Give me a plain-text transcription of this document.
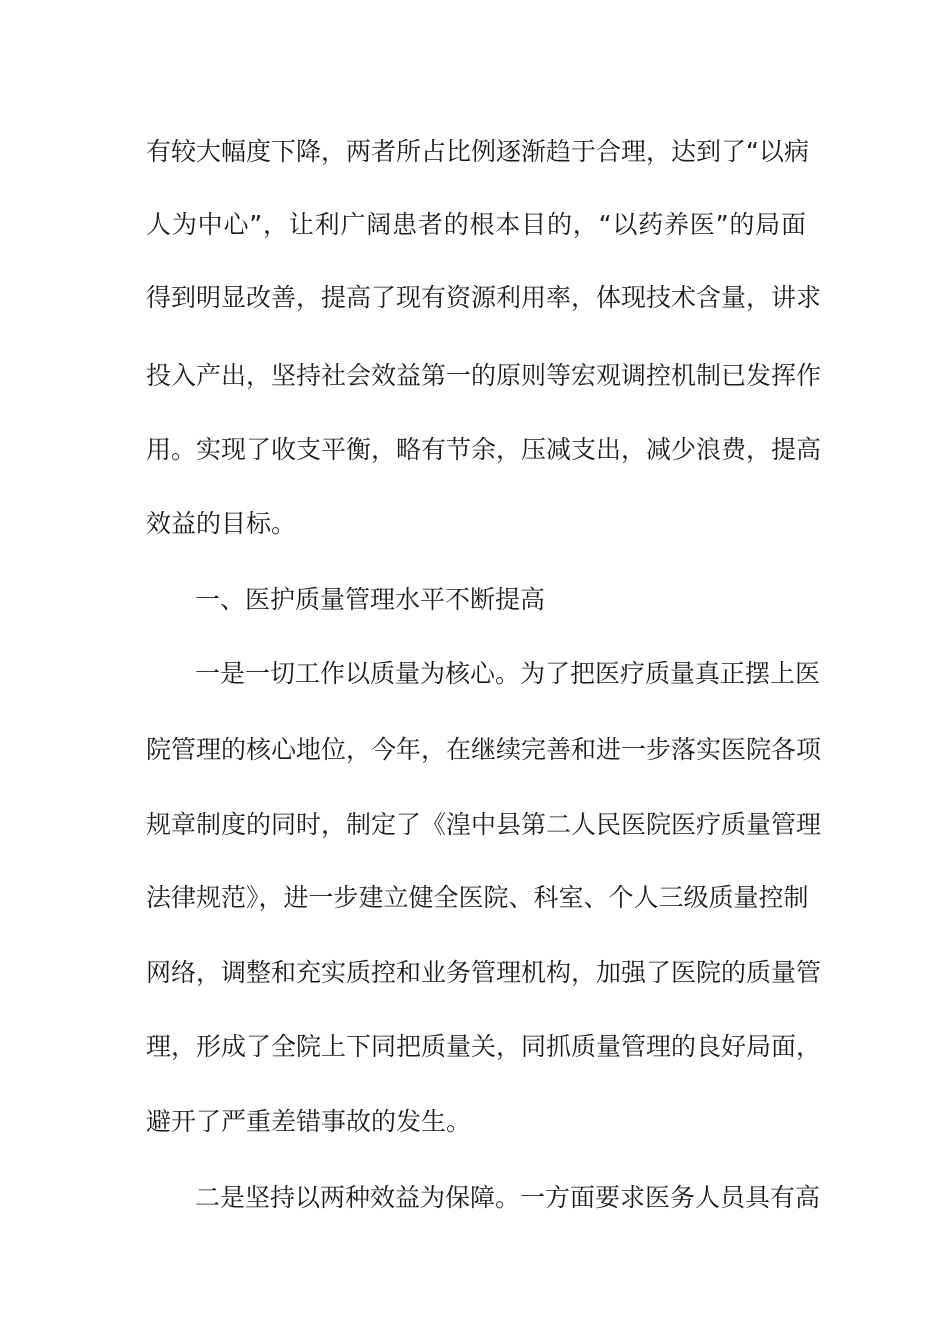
有较大幅度下降，两者所占比例逐渐趋于合理，达到了“以病
人为中心”，让利广阔患者的根本目的，“以药养医”的局面
得到明显改善，提高了现有资源利用率，体现技术含量，讲求
投入产出，坚持社会效益第一的原则等宏观调控机制已发挥作
用。实现了收支平衡，略有节余，压减支出，减少浪费，提高
效益的目标。
一、医护质量管理水平不断提高
一是一切工作以质量为核心。为了把医疗质量真正摆上医
院管理的核心地位，今年，在继续完善和进一步落实医院各项
规章制度的同时，制定了《湟中县第二人民医院医疗质量管理
法律规范》，进一步建立健全医院、科室、个人三级质量控制
网络，调整和充实质控和业务管理机构，加强了医院的质量管
理，形成了全院上下同把质量关，同抓质量管理的良好局面，
避开了严重差错事故的发生。
二是坚持以两种效益为保障。一方面要求医务人员具有高
